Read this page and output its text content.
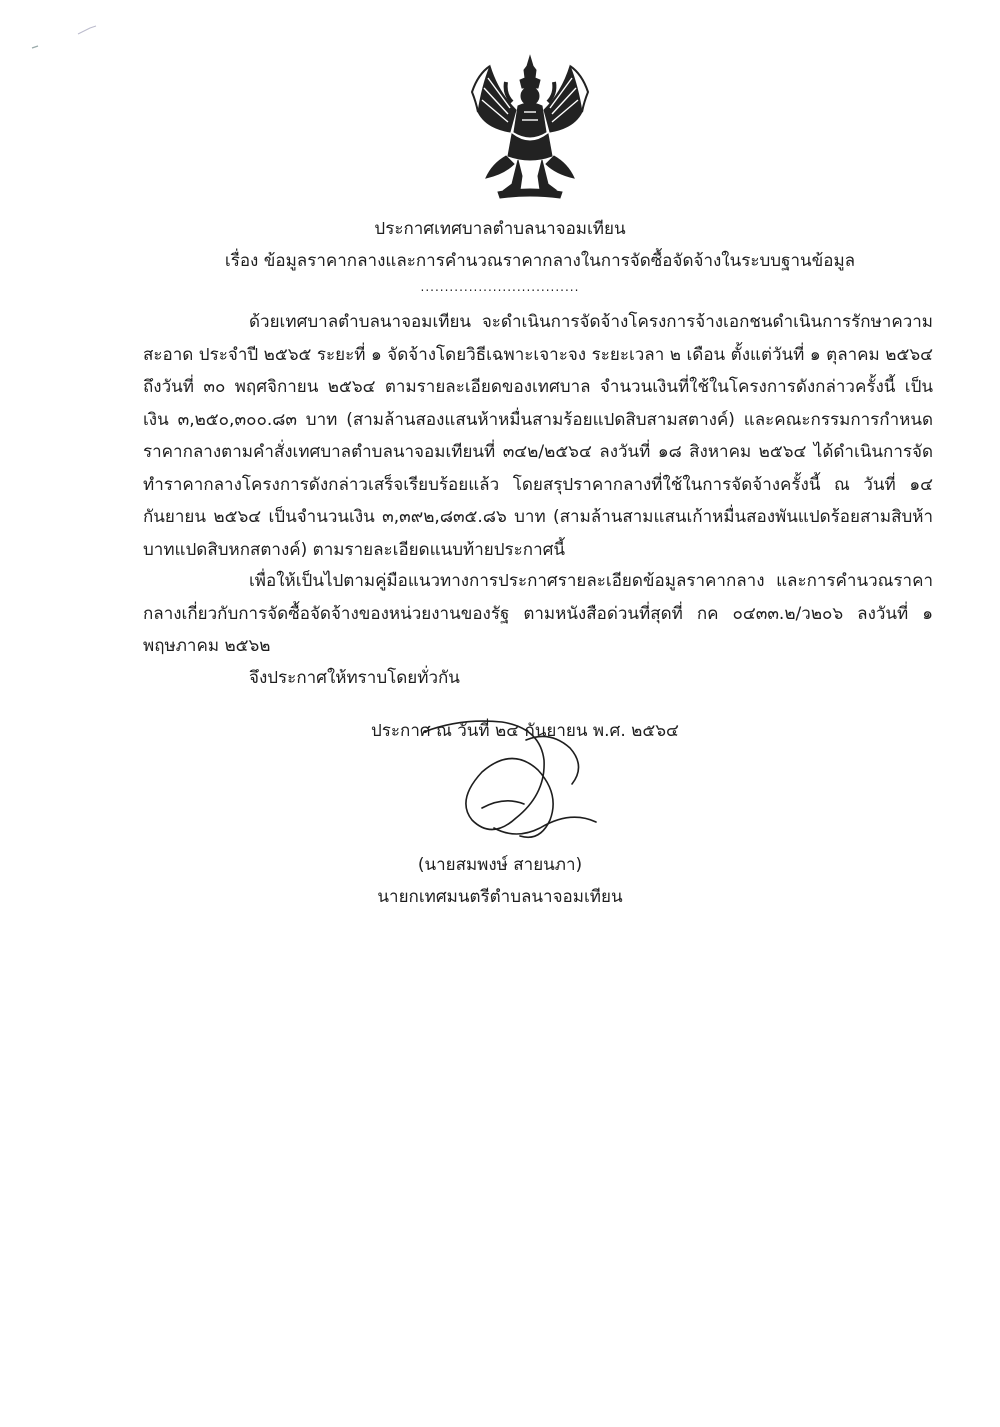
ประกาศเทศบาลตำบลนาจอมเทียน
เรื่อง ข้อมูลราคากลางและการคำนวณราคากลางในการจัดซื้อจัดจ้างในระบบฐานข้อมูล
.................................
ด้วยเทศบาลตำบลนาจอมเทียน จะดำเนินการจัดจ้างโครงการจ้างเอกชนดำเนินการรักษาความสะอาด ประจำปี ๒๕๖๕ ระยะที่ ๑ จัดจ้างโดยวิธีเฉพาะเจาะจง ระยะเวลา ๒ เดือน ตั้งแต่วันที่ ๑ ตุลาคม ๒๕๖๔ ถึงวันที่ ๓๐ พฤศจิกายน ๒๕๖๔ ตามรายละเอียดของเทศบาล จำนวนเงินที่ใช้ในโครงการดังกล่าวครั้งนี้ เป็นเงิน ๓,๒๕๐,๓๐๐.๘๓ บาท (สามล้านสองแสนห้าหมื่นสามร้อยแปดสิบสามสตางค์) และคณะกรรมการกำหนดราคากลางตามคำสั่งเทศบาลตำบลนาจอมเทียนที่ ๓๔๒/๒๕๖๔ ลงวันที่ ๑๘ สิงหาคม ๒๕๖๔ ได้ดำเนินการจัดทำราคากลางโครงการดังกล่าวเสร็จเรียบร้อยแล้ว โดยสรุปราคากลางที่ใช้ในการจัดจ้างครั้งนี้ ณ วันที่ ๑๔ กันยายน ๒๕๖๔ เป็นจำนวนเงิน ๓,๓๙๒,๘๓๕.๘๖ บาท (สามล้านสามแสนเก้าหมื่นสองพันแปดร้อยสามสิบห้าบาทแปดสิบหกสตางค์) ตามรายละเอียดแนบท้ายประกาศนี้
เพื่อให้เป็นไปตามคู่มือแนวทางการประกาศรายละเอียดข้อมูลราคากลาง และการคำนวณราคากลางเกี่ยวกับการจัดซื้อจัดจ้างของหน่วยงานของรัฐ ตามหนังสือด่วนที่สุดที่ กค ๐๔๓๓.๒/ว๒๐๖ ลงวันที่ ๑ พฤษภาคม ๒๕๖๒
จึงประกาศให้ทราบโดยทั่วกัน
ประกาศ ณ วันที่ ๒๔ กันยายน พ.ศ. ๒๕๖๔
(นายสมพงษ์ สายนภา)
นายกเทศมนตรีตำบลนาจอมเทียน
